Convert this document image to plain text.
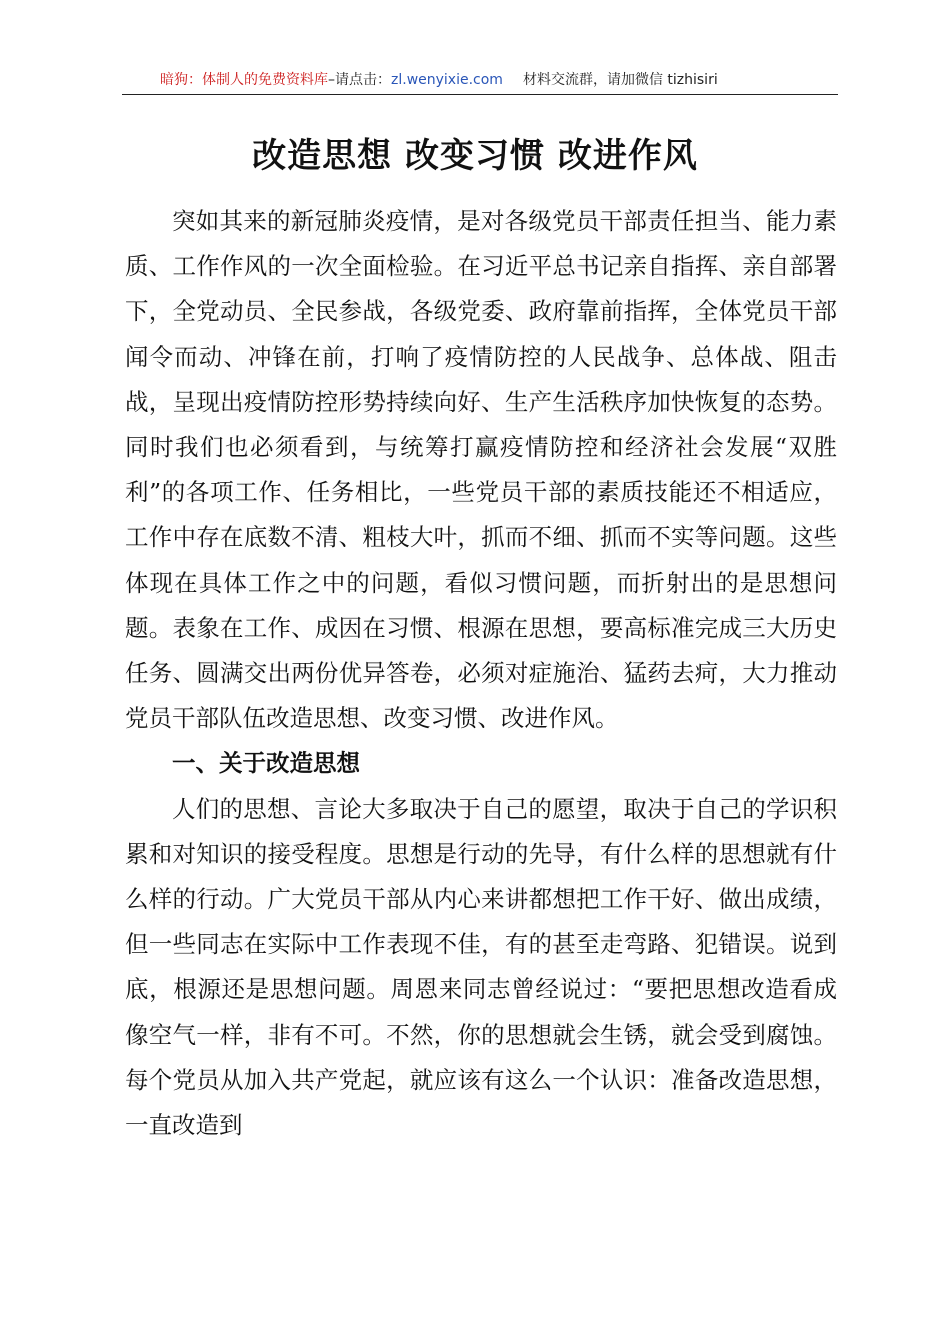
暗狗：体制人的免费资料库–请点击：zl.wenyixie.com 材料交流群，请加微信 tizhisiri
改造思想 改变习惯 改进作风

突如其来的新冠肺炎疫情，是对各级党员干部责任担当、能力素质、工作作风的一次全面检验。在习近平总书记亲自指挥、亲自部署下，全党动员、全民参战，各级党委、政府靠前指挥，全体党员干部闻令而动、冲锋在前，打响了疫情防控的人民战争、总体战、阻击战，呈现出疫情防控形势持续向好、生产生活秩序加快恢复的态势。同时我们也必须看到，与统筹打赢疫情防控和经济社会发展“双胜利”的各项工作、任务相比，一些党员干部的素质技能还不相适应，工作中存在底数不清、粗枝大叶，抓而不细、抓而不实等问题。这些体现在具体工作之中的问题，看似习惯问题，而折射出的是思想问题。表象在工作、成因在习惯、根源在思想，要高标准完成三大历史任务、圆满交出两份优异答卷，必须对症施治、猛药去疴，大力推动党员干部队伍改造思想、改变习惯、改进作风。

一、关于改造思想

人们的思想、言论大多取决于自己的愿望，取决于自己的学识积累和对知识的接受程度。思想是行动的先导，有什么样的思想就有什么样的行动。广大党员干部从内心来讲都想把工作干好、做出成绩，但一些同志在实际中工作表现不佳，有的甚至走弯路、犯错误。说到底，根源还是思想问题。周恩来同志曾经说过：“要把思想改造看成像空气一样，非有不可。不然，你的思想就会生锈，就会受到腐蚀。每个党员从加入共产党起，就应该有这么一个认识：准备改造思想，一直改造到
